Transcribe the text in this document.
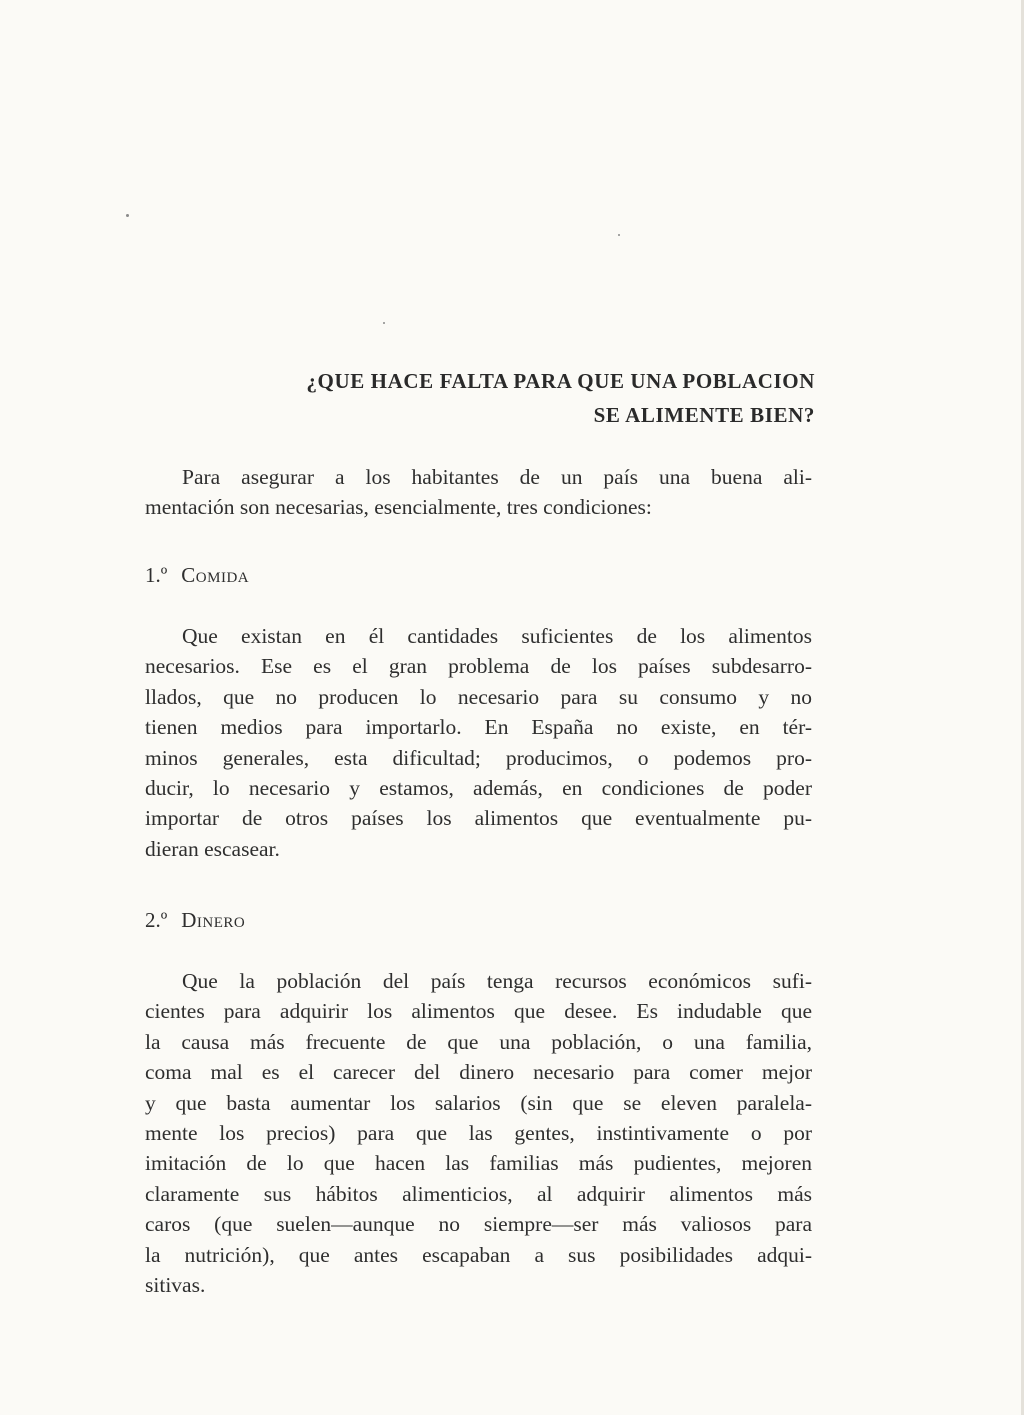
¿QUE HACE FALTA PARA QUE UNA POBLACION
SE ALIMENTE BIEN?

Para asegurar a los habitantes de un país una buena ali-
mentación son necesarias, esencialmente, tres condiciones:

1.º Comida

Que existan en él cantidades suficientes de los alimentos
necesarios. Ese es el gran problema de los países subdesarro-
llados, que no producen lo necesario para su consumo y no
tienen medios para importarlo. En España no existe, en tér-
minos generales, esta dificultad; producimos, o podemos pro-
ducir, lo necesario y estamos, además, en condiciones de poder
importar de otros países los alimentos que eventualmente pu-
dieran escasear.

2.º Dinero

Que la población del país tenga recursos económicos sufi-
cientes para adquirir los alimentos que desee. Es indudable que
la causa más frecuente de que una población, o una familia,
coma mal es el carecer del dinero necesario para comer mejor
y que basta aumentar los salarios (sin que se eleven paralela-
mente los precios) para que las gentes, instintivamente o por
imitación de lo que hacen las familias más pudientes, mejoren
claramente sus hábitos alimenticios, al adquirir alimentos más
caros (que suelen—aunque no siempre—ser más valiosos para
la nutrición), que antes escapaban a sus posibilidades adqui-
sitivas.
